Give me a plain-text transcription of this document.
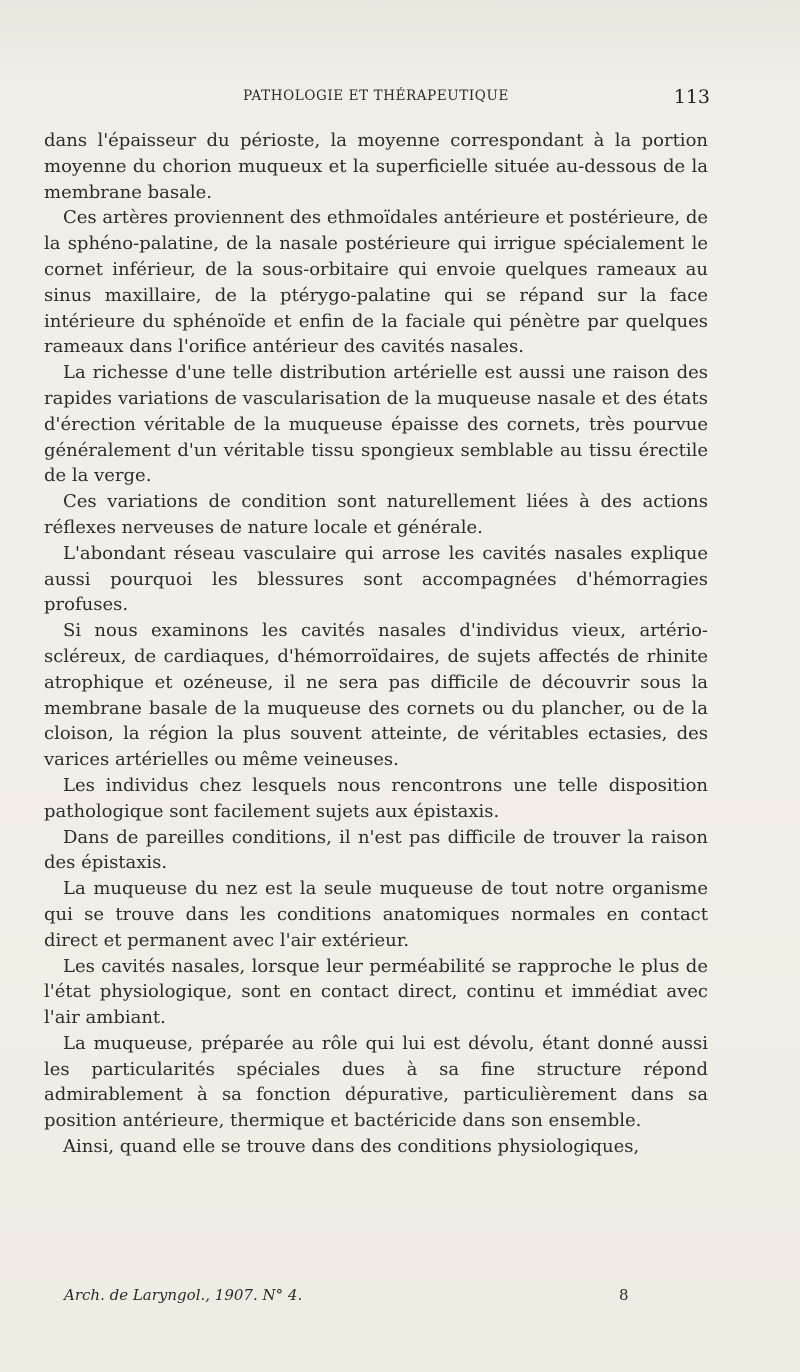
PATHOLOGIE ET THÉRAPEUTIQUE	113

dans l'épaisseur du périoste, la moyenne correspondant à la portion moyenne du chorion muqueux et la superficielle située au-dessous de la membrane basale.

Ces artères proviennent des ethmoïdales antérieure et postérieure, de la sphéno-palatine, de la nasale postérieure qui irrigue spécialement le cornet inférieur, de la sous-orbitaire qui envoie quelques rameaux au sinus maxillaire, de la ptérygo-palatine qui se répand sur la face intérieure du sphénoïde et enfin de la faciale qui pénètre par quelques rameaux dans l'orifice antérieur des cavités nasales.

La richesse d'une telle distribution artérielle est aussi une raison des rapides variations de vascularisation de la muqueuse nasale et des états d'érection véritable de la muqueuse épaisse des cornets, très pourvue généralement d'un véritable tissu spongieux semblable au tissu érectile de la verge.

Ces variations de condition sont naturellement liées à des actions réflexes nerveuses de nature locale et générale.

L'abondant réseau vasculaire qui arrose les cavités nasales explique aussi pourquoi les blessures sont accompagnées d'hémorragies profuses.

Si nous examinons les cavités nasales d'individus vieux, artério-scléreux, de cardiaques, d'hémorroïdaires, de sujets affectés de rhinite atrophique et ozéneuse, il ne sera pas difficile de découvrir sous la membrane basale de la muqueuse des cornets ou du plancher, ou de la cloison, la région la plus souvent atteinte, de véritables ectasies, des varices artérielles ou même veineuses.

Les individus chez lesquels nous rencontrons une telle disposition pathologique sont facilement sujets aux épistaxis.

Dans de pareilles conditions, il n'est pas difficile de trouver la raison des épistaxis.

La muqueuse du nez est la seule muqueuse de tout notre organisme qui se trouve dans les conditions anatomiques normales en contact direct et permanent avec l'air extérieur.

Les cavités nasales, lorsque leur perméabilité se rapproche le plus de l'état physiologique, sont en contact direct, continu et immédiat avec l'air ambiant.

La muqueuse, préparée au rôle qui lui est dévolu, étant donné aussi les particularités spéciales dues à sa fine structure répond admirablement à sa fonction dépurative, particulièrement dans sa position antérieure, thermique et bactéricide dans son ensemble.

Ainsi, quand elle se trouve dans des conditions physiologiques,

Arch. de Laryngol., 1907. N° 4.	8
